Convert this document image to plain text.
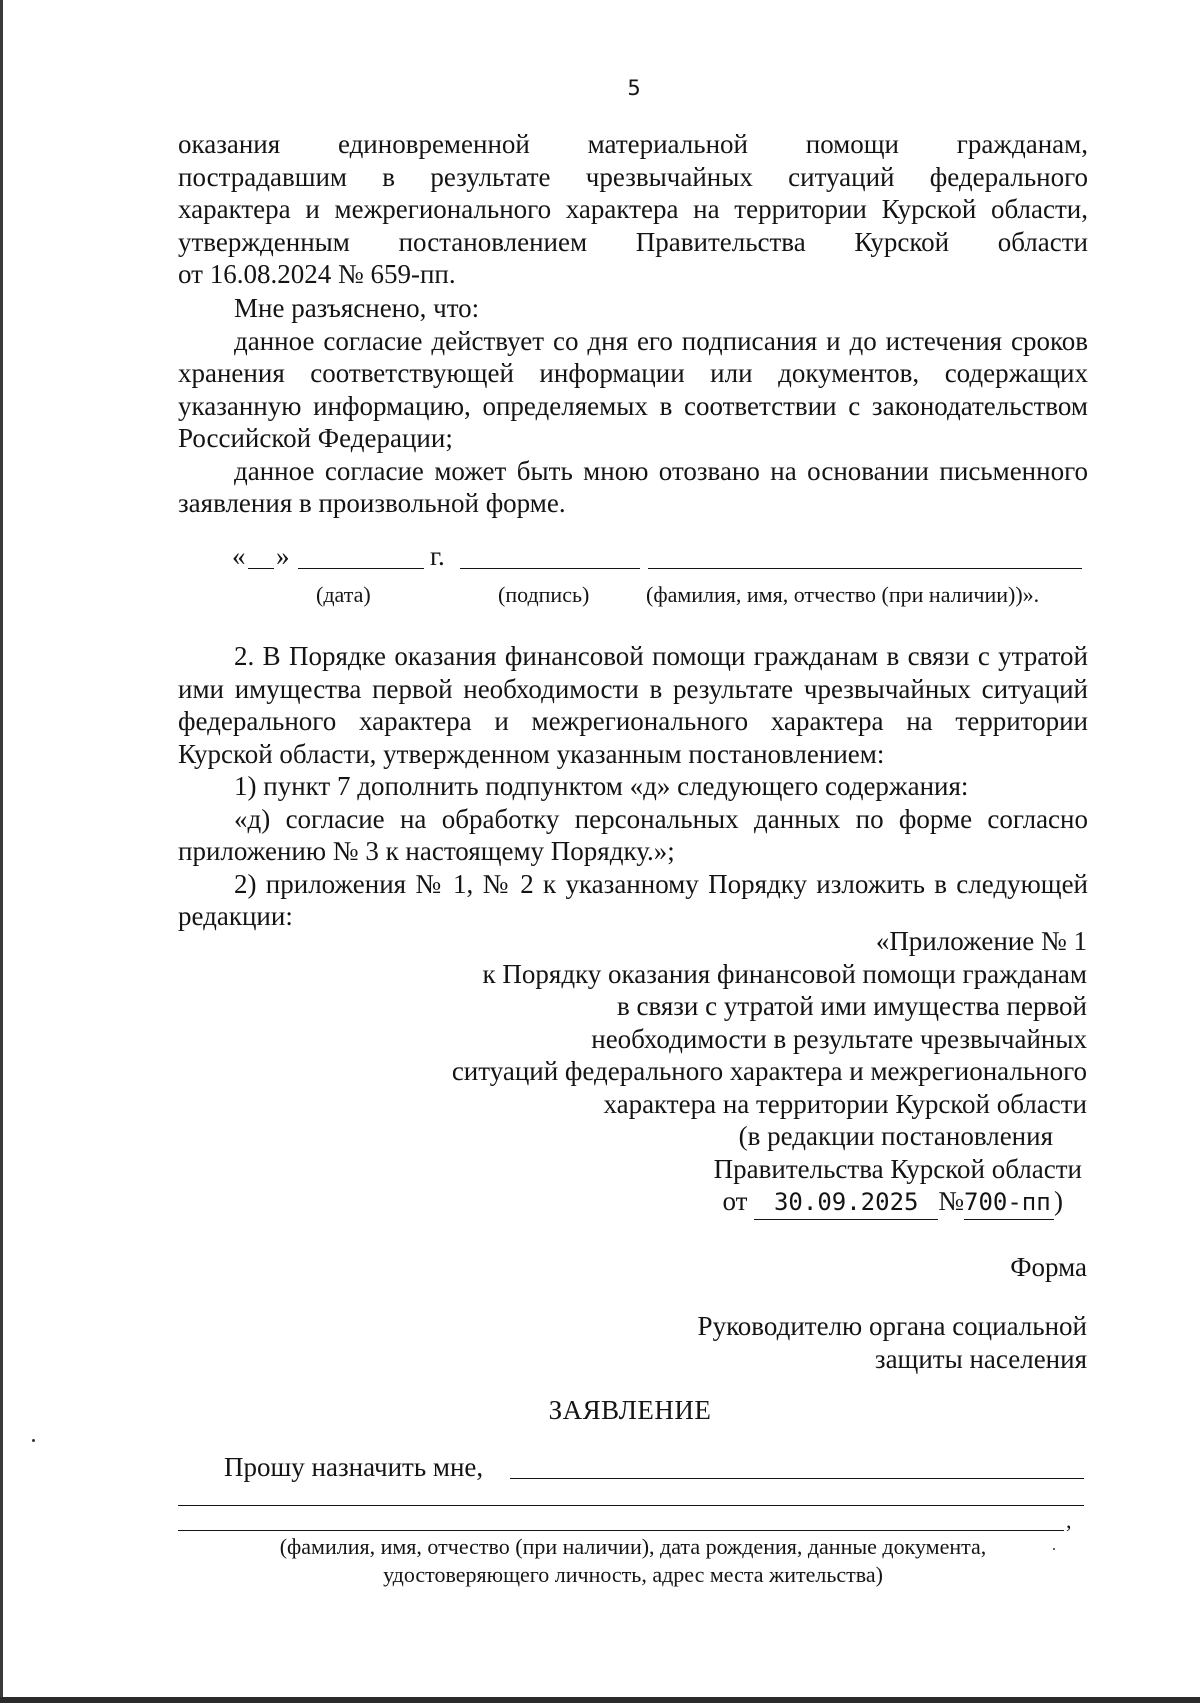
5

оказания единовременной материальной помощи гражданам,

пострадавшим в результате чрезвычайных ситуаций федерального

характера и межрегионального характера на территории Курской области,

утвержденным постановлением Правительства Курской области

от 16.08.2024 № 659-пп.

Мне разъяснено, что:

данное согласие действует со дня его подписания и до истечения сроков хранения соответствующей информации или документов, содержащих указанную информацию, определяемых в соответствии с законодательством Российской Федерации;

данное согласие может быть мною отозвано на основании письменного заявления в произвольной форме.

« »	г.
(дата)	(подпись)	(фамилия, имя, отчество (при наличии))».

2. В Порядке оказания финансовой помощи гражданам в связи с утратой ими имущества первой необходимости в результате чрезвычайных ситуаций федерального характера и межрегионального характера на территории Курской области, утвержденном указанным постановлением:

1) пункт 7 дополнить подпунктом «д» следующего содержания:

«д) согласие на обработку персональных данных по форме согласно приложению № 3 к настоящему Порядку.»;

2) приложения № 1, № 2 к указанному Порядку изложить в следующей редакции:

«Приложение № 1
к Порядку оказания финансовой помощи гражданам
в связи с утратой ими имущества первой
необходимости в результате чрезвычайных
ситуаций федерального характера и межрегионального
характера на территории Курской области
(в редакции постановления
Правительства Курской области
от 30.09.2025 №700-пп )
Форма
Руководителю органа социальной
защиты населения
ЗАЯВЛЕНИЕ
Прошу назначить мне,
,
(фамилия, имя, отчество (при наличии), дата рождения, данные документа,
удостоверяющего личность, адрес места жительства)
